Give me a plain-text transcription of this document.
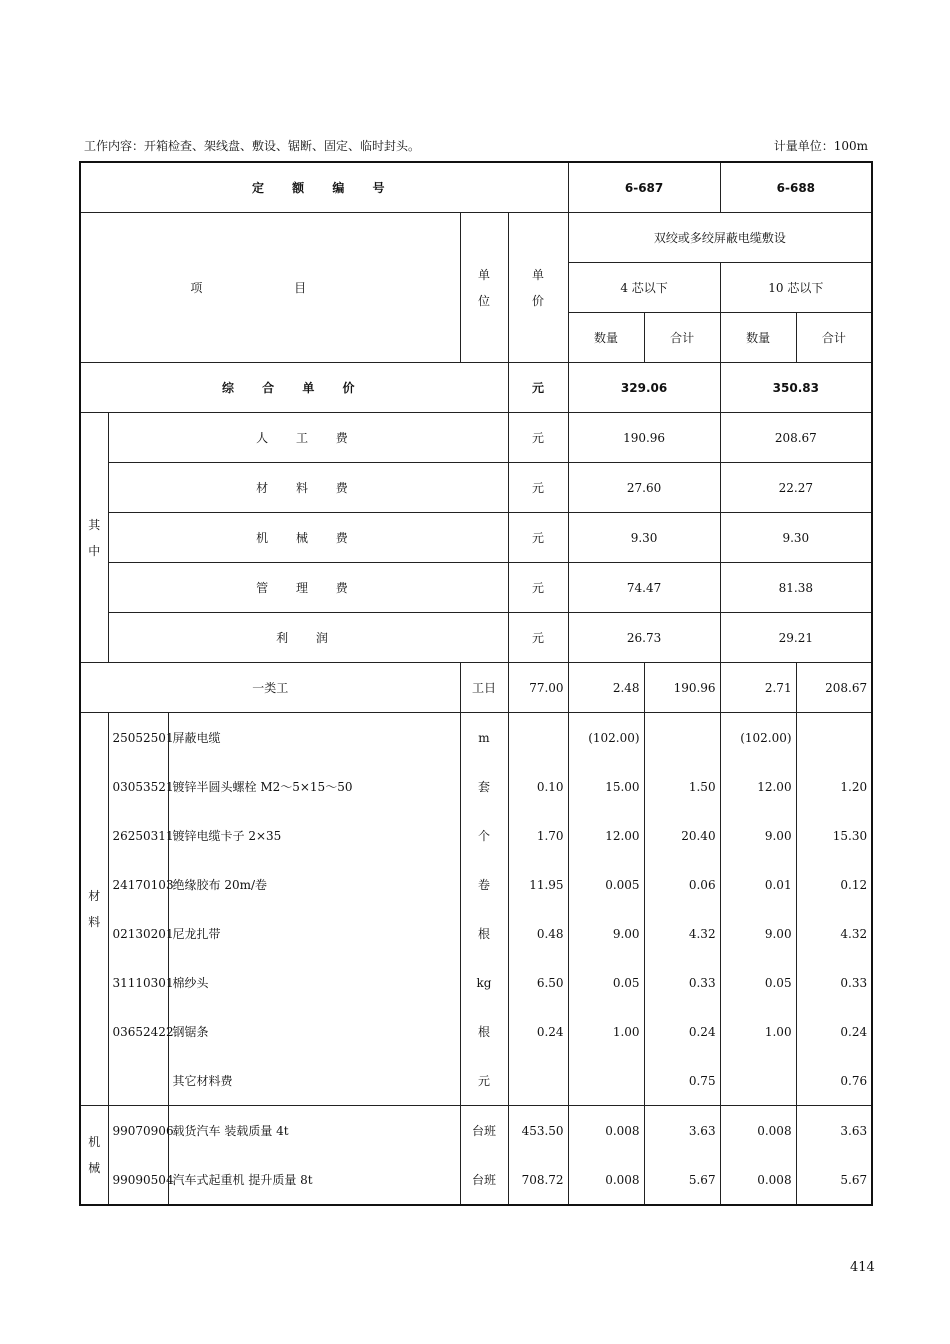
工作内容：开箱检查、架线盘、敷设、锯断、固定、临时封头。	计量单位：100m
定 额 编 号					6-687		6-688	
项 目			单位	单价	双绞或多绞屏蔽电缆敷设			
					4 芯以下		10 芯以下	
					数量	合计	数量	合计
综 合 单 价				元	329.06		350.83	
其中	人 工 费			元	190.96		208.67	
	材 料 费			元	27.60		22.27	
	机 械 费			元	9.30		9.30	
	管 理 费			元	74.47		81.38	
	利 润			元	26.73		29.21	
一类工			工日	77.00	2.48	190.96	2.71	208.67
材料	25052501	屏蔽电缆	m		(102.00)		(102.00)	
	03053521	镀锌半圆头螺栓 M2～5×15～50	套	0.10	15.00	1.50	12.00	1.20
	26250311	镀锌电缆卡子 2×35	个	1.70	12.00	20.40	9.00	15.30
	24170103	绝缘胶布 20m/卷	卷	11.95	0.005	0.06	0.01	0.12
	02130201	尼龙扎带	根	0.48	9.00	4.32	9.00	4.32
	31110301	棉纱头	kg	6.50	0.05	0.33	0.05	0.33
	03652422	钢锯条	根	0.24	1.00	0.24	1.00	0.24
		其它材料费	元			0.75		0.76
机械	99070906	载货汽车 装载质量 4t	台班	453.50	0.008	3.63	0.008	3.63
	99090504	汽车式起重机 提升质量 8t	台班	708.72	0.008	5.67	0.008	5.67
414
